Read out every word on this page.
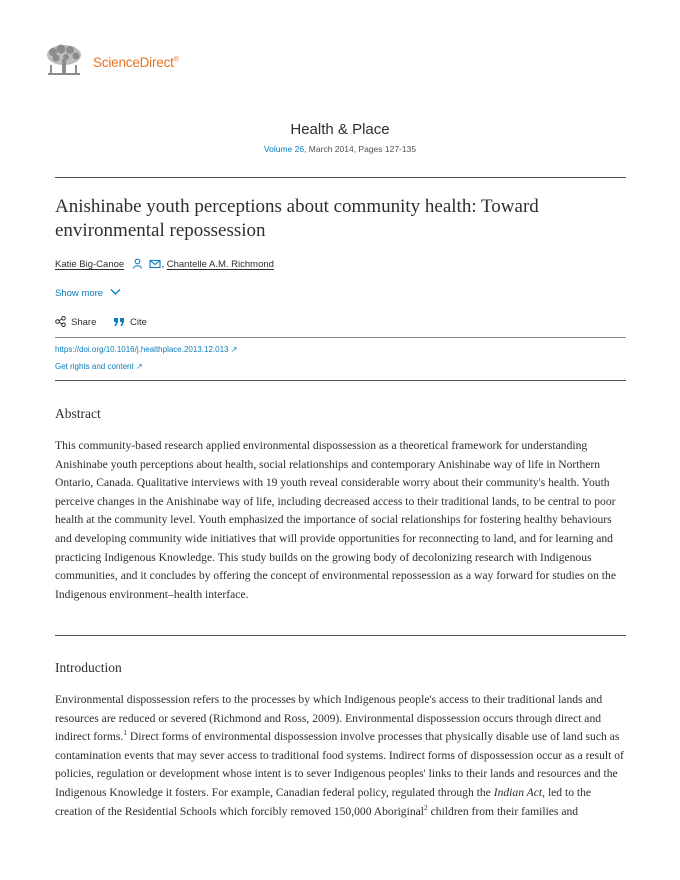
ScienceDirect®
Health & Place
Volume 26, March 2014, Pages 127-135
Anishinabe youth perceptions about community health: Toward environmental repossession
Katie Big-Canoe	, Chantelle A.M. Richmond
Show more
Share	Cite
https://doi.org/10.1016/j.healthplace.2013.12.013 ↗
Get rights and content ↗
Abstract

This community-based research applied environmental dispossession as a theoretical framework for understanding Anishinabe youth perceptions about health, social relationships and contemporary Anishinabe way of life in Northern Ontario, Canada. Qualitative interviews with 19 youth reveal considerable worry about their community's health. Youth perceive changes in the Anishinabe way of life, including decreased access to their traditional lands, to be central to poor health at the community level. Youth emphasized the importance of social relationships for fostering healthy behaviours and developing community wide initiatives that will provide opportunities for reconnecting to land, and for learning and practicing Indigenous Knowledge. This study builds on the growing body of decolonizing research with Indigenous communities, and it concludes by offering the concept of environmental repossession as a way forward for studies on the Indigenous environment–health interface.

Introduction

Environmental dispossession refers to the processes by which Indigenous people's access to their traditional lands and resources are reduced or severed (Richmond and Ross, 2009). Environmental dispossession occurs through direct and indirect forms.$^1$ Direct forms of environmental dispossession involve processes that physically disable use of land such as contamination events that may sever access to traditional food systems. Indirect forms of dispossession occur as a result of policies, regulation or development whose intent is to sever Indigenous peoples' links to their lands and resources and the Indigenous Knowledge it fosters. For example, Canadian federal policy, regulated through the Indian Act, led to the creation of the Residential Schools which forcibly removed 150,000 Aboriginal$^2$ children from their families and
